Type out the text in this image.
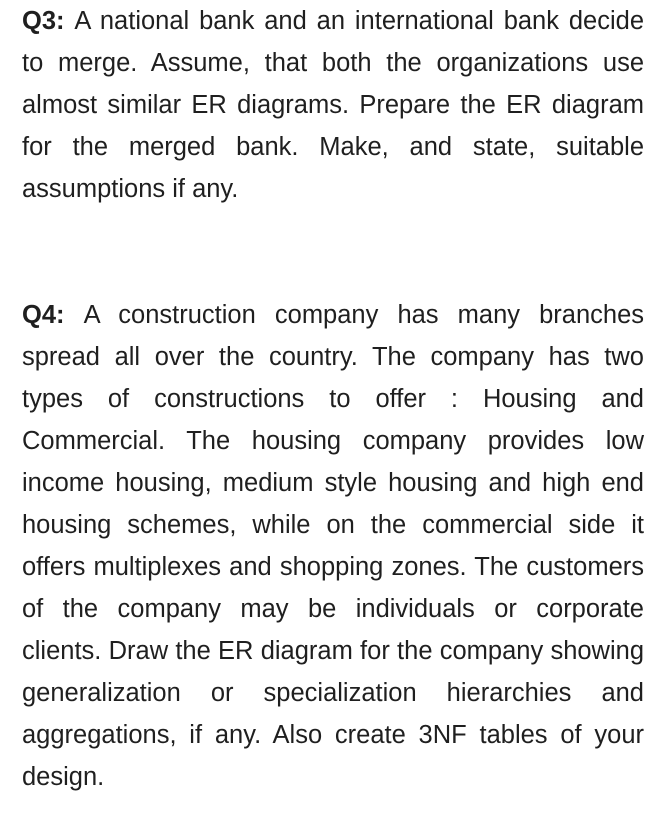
Q3: A national bank and an international bank decide to merge. Assume, that both the organizations use almost similar ER diagrams. Prepare the ER diagram for the merged bank. Make, and state, suitable assumptions if any.
Q4: A construction company has many branches spread all over the country. The company has two types of constructions to offer : Housing and Commercial. The housing company provides low income housing, medium style housing and high end housing schemes, while on the commercial side it offers multiplexes and shopping zones. The customers of the company may be individuals or corporate clients. Draw the ER diagram for the company showing generalization or specialization hierarchies and aggregations, if any. Also create 3NF tables of your design.
